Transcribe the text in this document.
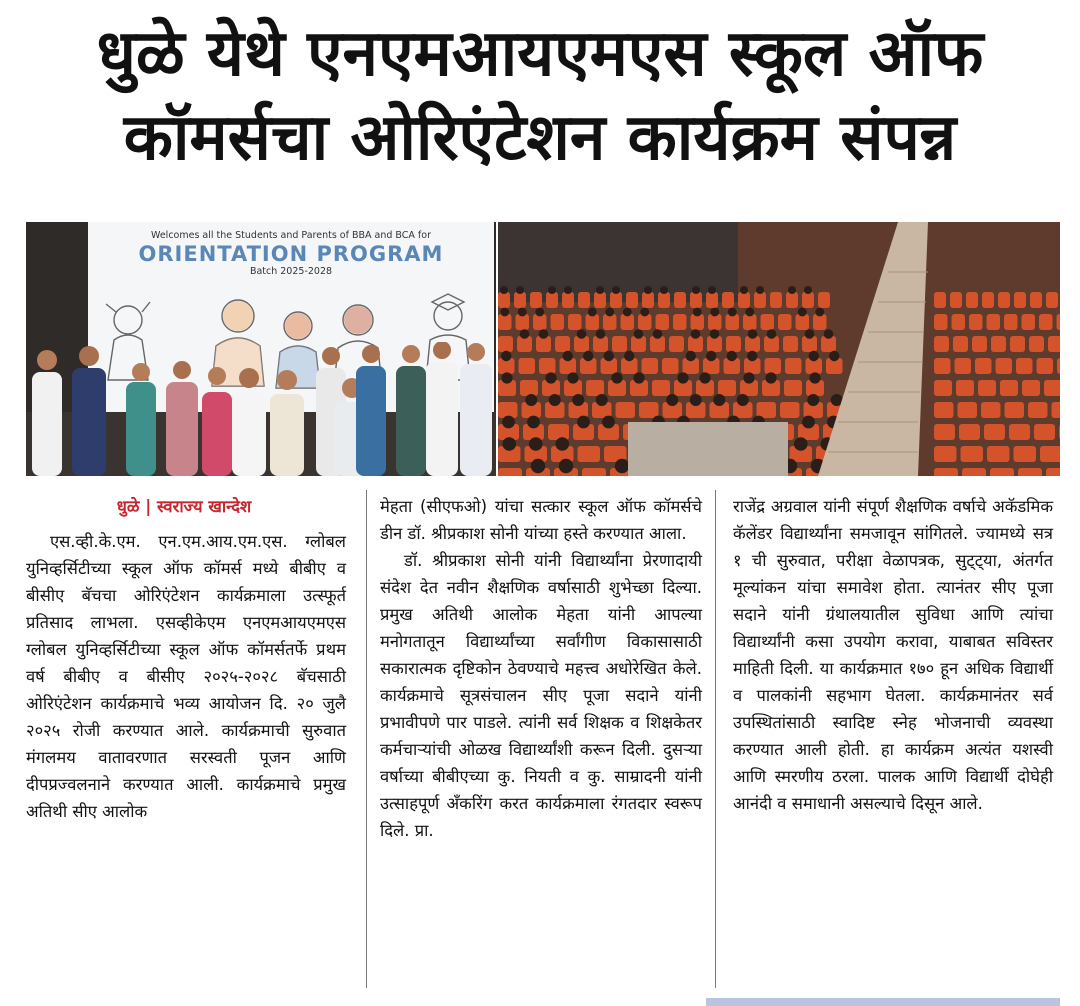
धुळे येथे एनएमआयएमएस स्कूल ऑफ
कॉमर्सचा ओरिएंटेशन कार्यक्रम संपन्न
Welcomes all the Students and Parents of BBA and BCA for
ORIENTATION PROGRAM
Batch 2025-2028
धुळे | स्वराज्य खान्देश

एस.व्ही.के.एम. एन.एम.आय.एम.एस. ग्लोबल युनिव्हर्सिटीच्या स्कूल ऑफ कॉमर्स मध्ये बीबीए व बीसीए बॅचचा ओरिएंटेशन कार्यक्रमाला उत्स्फूर्त प्रतिसाद लाभला. एसव्हीकेएम एनएमआयएमएस ग्लोबल युनिव्हर्सिटीच्या स्कूल ऑफ कॉमर्सतर्फे प्रथम वर्ष बीबीए व बीसीए २०२५-२०२८ बॅचसाठी ओरिएंटेशन कार्यक्रमाचे भव्य आयोजन दि. २० जुलै २०२५ रोजी करण्यात आले. कार्यक्रमाची सुरुवात मंगलमय वातावरणात सरस्वती पूजन आणि दीपप्रज्वलनाने करण्यात आली. कार्यक्रमाचे प्रमुख अतिथी सीए आलोक

मेहता (सीएफओ) यांचा सत्कार स्कूल ऑफ कॉमर्सचे डीन डॉ. श्रीप्रकाश सोनी यांच्या हस्ते करण्यात आला.

डॉ. श्रीप्रकाश सोनी यांनी विद्यार्थ्यांना प्रेरणादायी संदेश देत नवीन शैक्षणिक वर्षासाठी शुभेच्छा दिल्या. प्रमुख अतिथी आलोक मेहता यांनी आपल्या मनोगतातून विद्यार्थ्यांच्या सर्वांगीण विकासासाठी सकारात्मक दृष्टिकोन ठेवण्याचे महत्त्व अधोरेखित केले. कार्यक्रमाचे सूत्रसंचालन सीए पूजा सदाने यांनी प्रभावीपणे पार पाडले. त्यांनी सर्व शिक्षक व शिक्षकेतर कर्मचाऱ्यांची ओळख विद्यार्थ्यांशी करून दिली. दुसऱ्या वर्षाच्या बीबीएच्या कु. नियती व कु. साम्रादनी यांनी उत्साहपूर्ण अँकरिंग करत कार्यक्रमाला रंगतदार स्वरूप दिले. प्रा.

राजेंद्र अग्रवाल यांनी संपूर्ण शैक्षणिक वर्षाचे अकॅडमिक कॅलेंडर विद्यार्थ्यांना समजावून सांगितले. ज्यामध्ये सत्र १ ची सुरुवात, परीक्षा वेळापत्रक, सुट्ट्या, अंतर्गत मूल्यांकन यांचा समावेश होता. त्यानंतर सीए पूजा सदाने यांनी ग्रंथालयातील सुविधा आणि त्यांचा विद्यार्थ्यांनी कसा उपयोग करावा, याबाबत सविस्तर माहिती दिली. या कार्यक्रमात १७० हून अधिक विद्यार्थी व पालकांनी सहभाग घेतला. कार्यक्रमानंतर सर्व उपस्थितांसाठी स्वादिष्ट स्नेह भोजनाची व्यवस्था करण्यात आली होती. हा कार्यक्रम अत्यंत यशस्वी आणि स्मरणीय ठरला. पालक आणि विद्यार्थी दोघेही आनंदी व समाधानी असल्याचे दिसून आले.
